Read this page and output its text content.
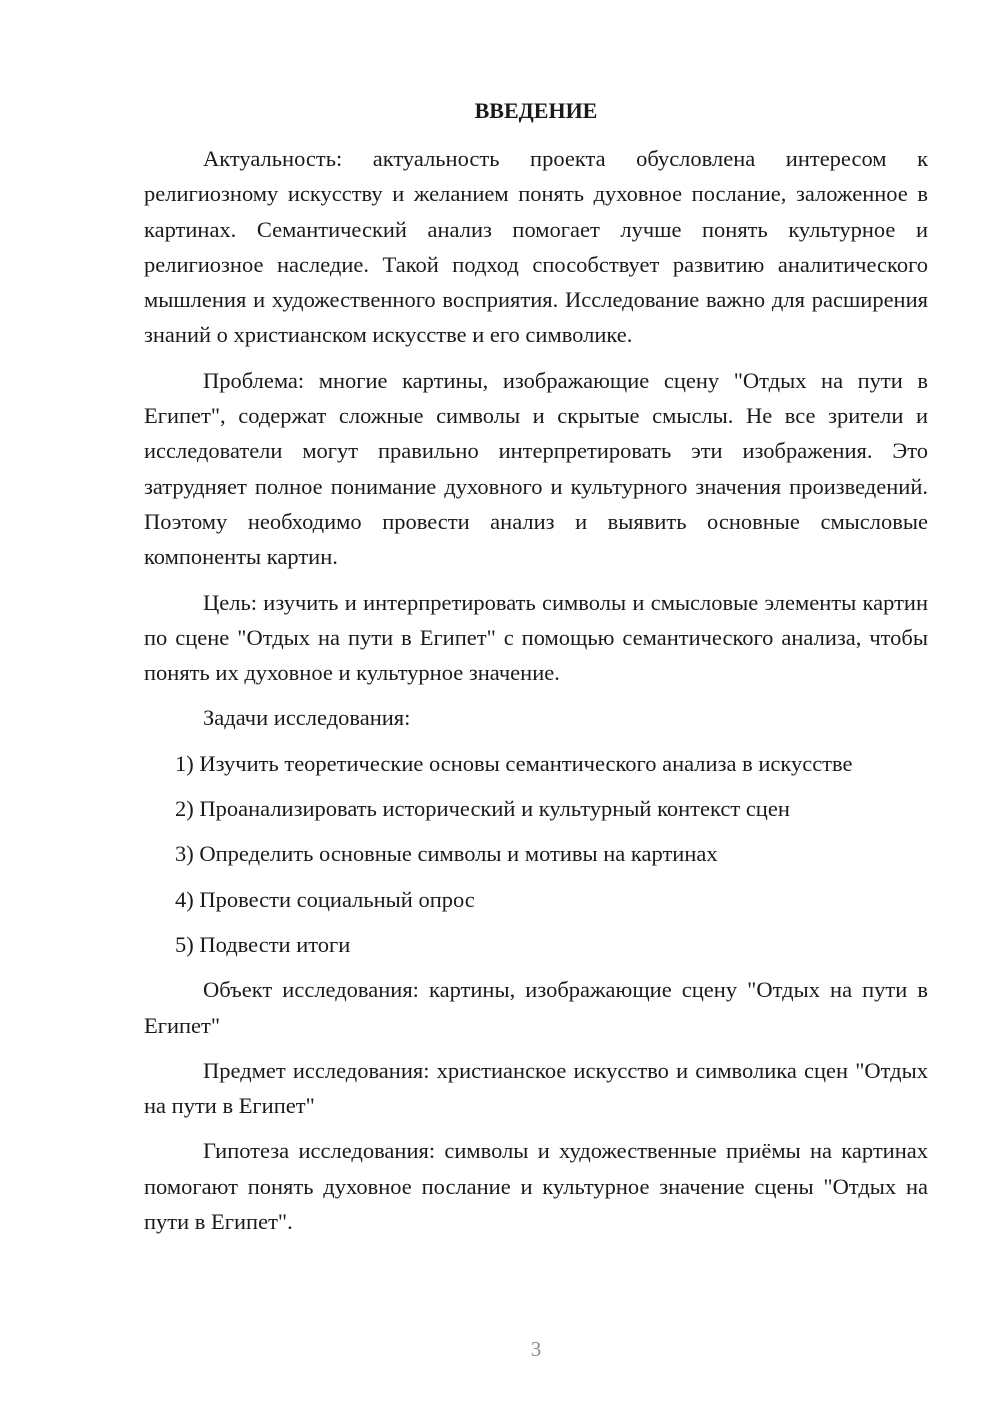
ВВЕДЕНИЕ

Актуальность: актуальность проекта обусловлена интересом к религиозному искусству и желанием понять духовное послание, заложенное в картинах. Семантический анализ помогает лучше понять культурное и религиозное наследие. Такой подход способствует развитию аналитического мышления и художественного восприятия. Исследование важно для расширения знаний о христианском искусстве и его символике.

Проблема: многие картины, изображающие сцену "Отдых на пути в Египет", содержат сложные символы и скрытые смыслы. Не все зрители и исследователи могут правильно интерпретировать эти изображения. Это затрудняет полное понимание духовного и культурного значения произведений. Поэтому необходимо провести анализ и выявить основные смысловые компоненты картин.

Цель: изучить и интерпретировать символы и смысловые элементы картин по сцене "Отдых на пути в Египет" с помощью семантического анализа, чтобы понять их духовное и культурное значение.

Задачи исследования:

1) Изучить теоретические основы семантического анализа в искусстве

2) Проанализировать исторический и культурный контекст сцен

3) Определить основные символы и мотивы на картинах

4) Провести социальный опрос

5) Подвести итоги

Объект исследования: картины, изображающие сцену "Отдых на пути в Египет"

Предмет исследования: христианское искусство и символика сцен "Отдых на пути в Египет"

Гипотеза исследования: символы и художественные приёмы на картинах помогают понять духовное послание и культурное значение сцены "Отдых на пути в Египет".

3
